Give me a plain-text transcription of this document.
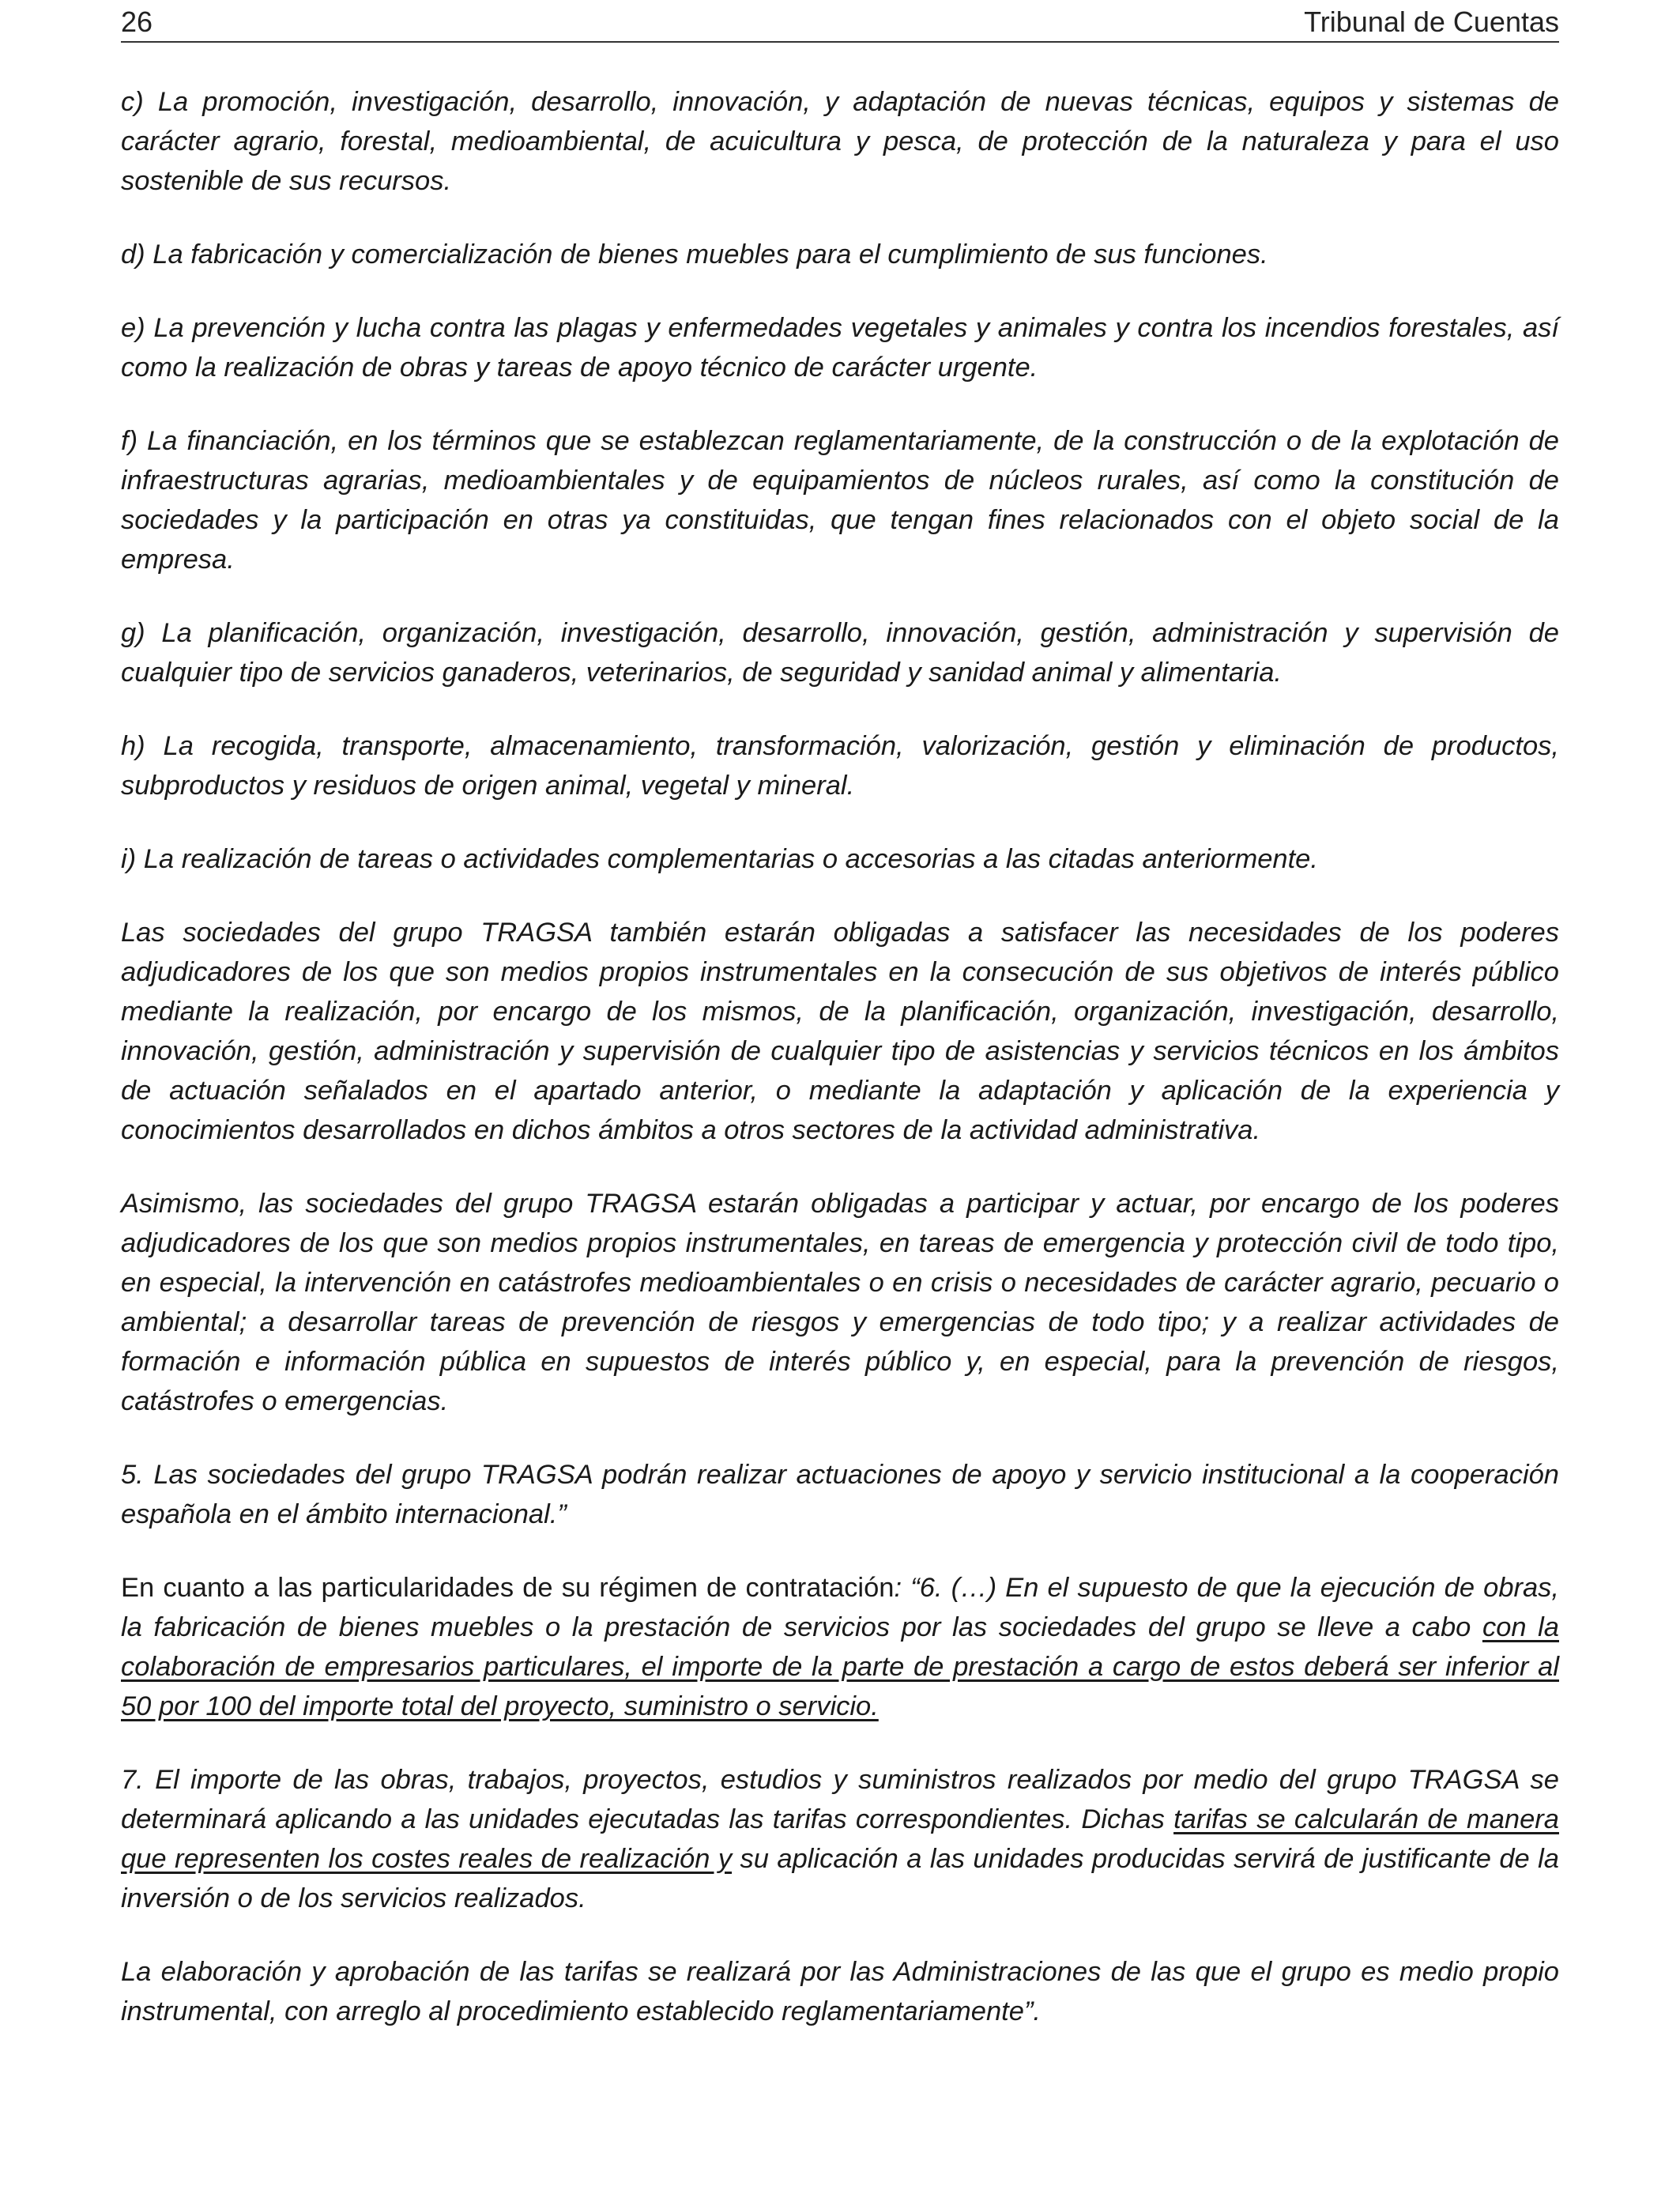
26	Tribunal de Cuentas

c) La promoción, investigación, desarrollo, innovación, y adaptación de nuevas técnicas, equipos y sistemas de carácter agrario, forestal, medioambiental, de acuicultura y pesca, de protección de la naturaleza y para el uso sostenible de sus recursos.

d) La fabricación y comercialización de bienes muebles para el cumplimiento de sus funciones.

e) La prevención y lucha contra las plagas y enfermedades vegetales y animales y contra los incendios forestales, así como la realización de obras y tareas de apoyo técnico de carácter urgente.

f) La financiación, en los términos que se establezcan reglamentariamente, de la construcción o de la explotación de infraestructuras agrarias, medioambientales y de equipamientos de núcleos rurales, así como la constitución de sociedades y la participación en otras ya constituidas, que tengan fines relacionados con el objeto social de la empresa.

g) La planificación, organización, investigación, desarrollo, innovación, gestión, administración y supervisión de cualquier tipo de servicios ganaderos, veterinarios, de seguridad y sanidad animal y alimentaria.

h) La recogida, transporte, almacenamiento, transformación, valorización, gestión y eliminación de productos, subproductos y residuos de origen animal, vegetal y mineral.

i) La realización de tareas o actividades complementarias o accesorias a las citadas anteriormente.

Las sociedades del grupo TRAGSA también estarán obligadas a satisfacer las necesidades de los poderes adjudicadores de los que son medios propios instrumentales en la consecución de sus objetivos de interés público mediante la realización, por encargo de los mismos, de la planificación, organización, investigación, desarrollo, innovación, gestión, administración y supervisión de cualquier tipo de asistencias y servicios técnicos en los ámbitos de actuación señalados en el apartado anterior, o mediante la adaptación y aplicación de la experiencia y conocimientos desarrollados en dichos ámbitos a otros sectores de la actividad administrativa.

Asimismo, las sociedades del grupo TRAGSA estarán obligadas a participar y actuar, por encargo de los poderes adjudicadores de los que son medios propios instrumentales, en tareas de emergencia y protección civil de todo tipo, en especial, la intervención en catástrofes medioambientales o en crisis o necesidades de carácter agrario, pecuario o ambiental; a desarrollar tareas de prevención de riesgos y emergencias de todo tipo; y a realizar actividades de formación e información pública en supuestos de interés público y, en especial, para la prevención de riesgos, catástrofes o emergencias.

5. Las sociedades del grupo TRAGSA podrán realizar actuaciones de apoyo y servicio institucional a la cooperación española en el ámbito internacional.”

En cuanto a las particularidades de su régimen de contratación: “6. (…) En el supuesto de que la ejecución de obras, la fabricación de bienes muebles o la prestación de servicios por las sociedades del grupo se lleve a cabo con la colaboración de empresarios particulares, el importe de la parte de prestación a cargo de estos deberá ser inferior al 50 por 100 del importe total del proyecto, suministro o servicio.

7. El importe de las obras, trabajos, proyectos, estudios y suministros realizados por medio del grupo TRAGSA se determinará aplicando a las unidades ejecutadas las tarifas correspondientes. Dichas tarifas se calcularán de manera que representen los costes reales de realización y su aplicación a las unidades producidas servirá de justificante de la inversión o de los servicios realizados.

La elaboración y aprobación de las tarifas se realizará por las Administraciones de las que el grupo es medio propio instrumental, con arreglo al procedimiento establecido reglamentariamente”.
